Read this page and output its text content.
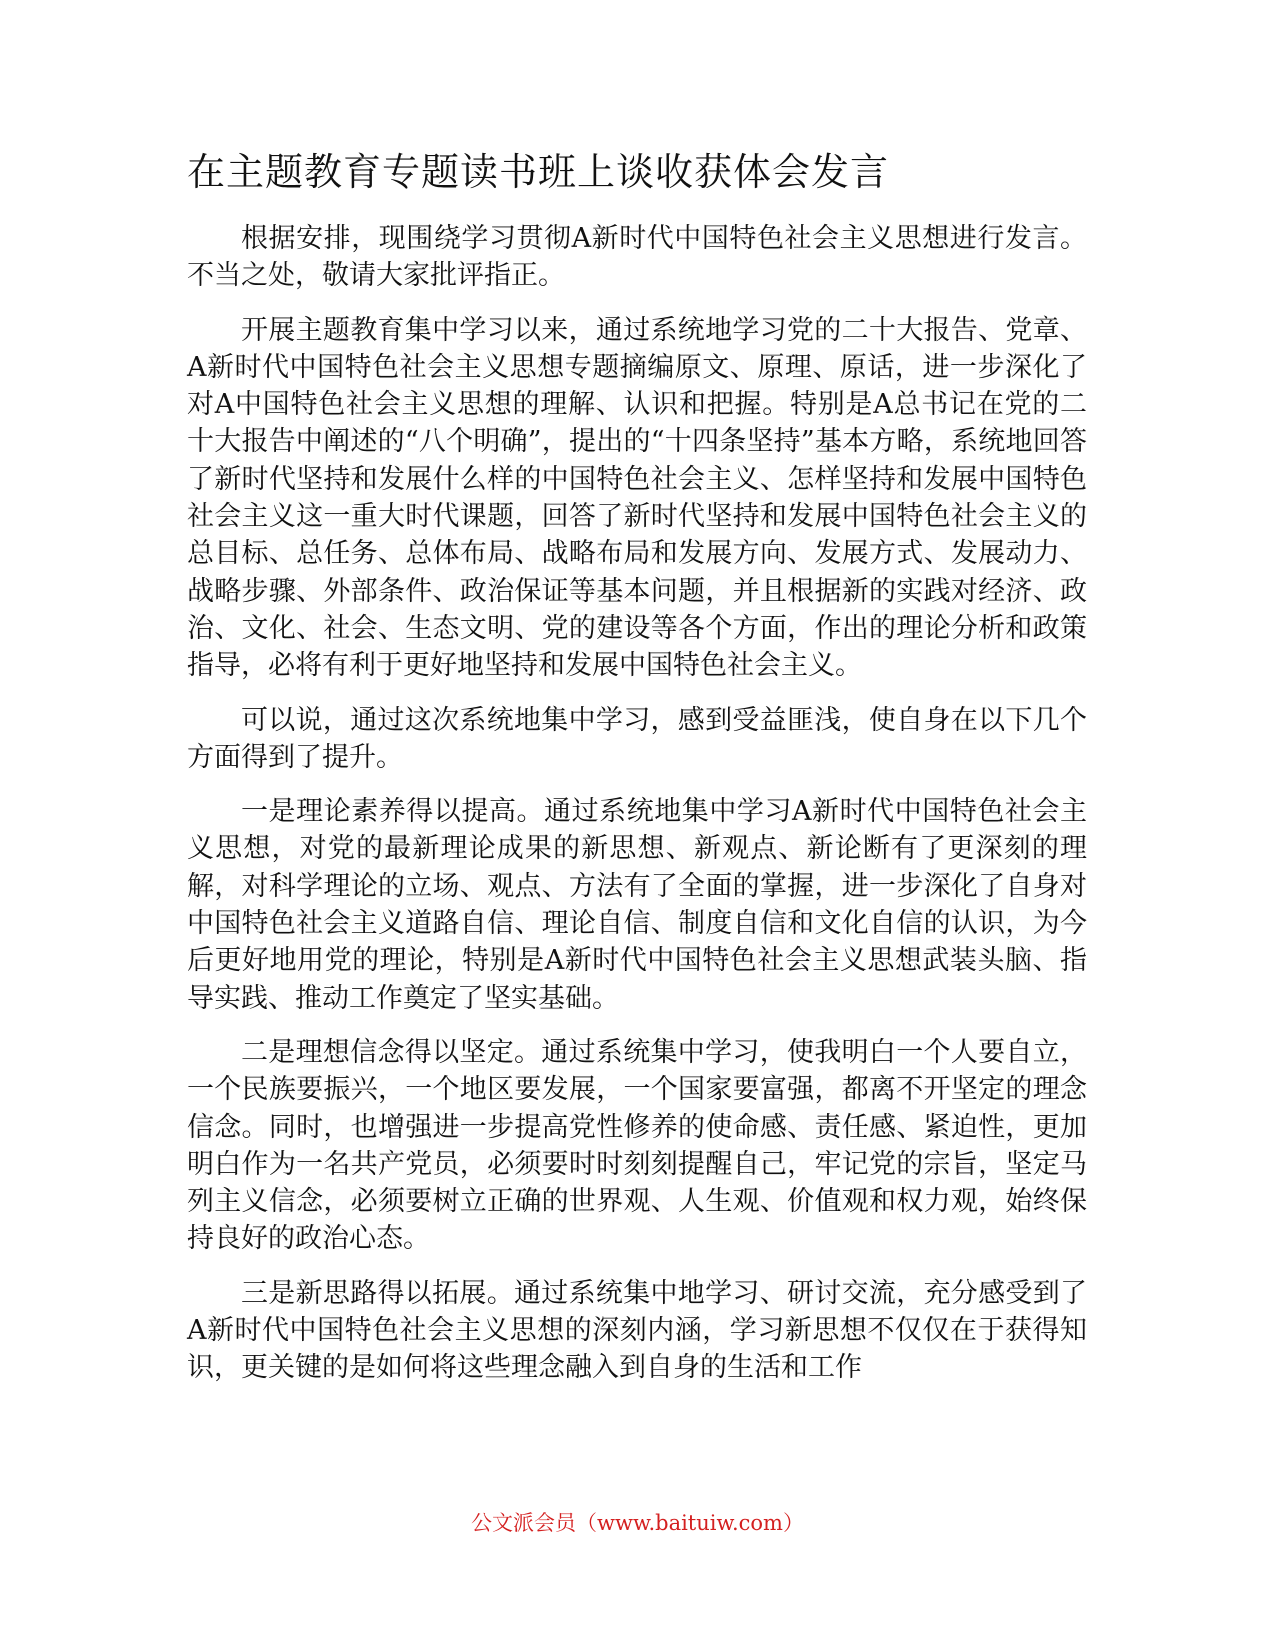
在主题教育专题读书班上谈收获体会发言

根据安排，现围绕学习贯彻A新时代中国特色社会主义思想进行发言。不当之处，敬请大家批评指正。

开展主题教育集中学习以来，通过系统地学习党的二十大报告、党章、A新时代中国特色社会主义思想专题摘编原文、原理、原话，进一步深化了对A中国特色社会主义思想的理解、认识和把握。特别是A总书记在党的二十大报告中阐述的“八个明确”，提出的“十四条坚持”基本方略，系统地回答了新时代坚持和发展什么样的中国特色社会主义、怎样坚持和发展中国特色社会主义这一重大时代课题，回答了新时代坚持和发展中国特色社会主义的总目标、总任务、总体布局、战略布局和发展方向、发展方式、发展动力、战略步骤、外部条件、政治保证等基本问题，并且根据新的实践对经济、政治、文化、社会、生态文明、党的建设等各个方面，作出的理论分析和政策指导，必将有利于更好地坚持和发展中国特色社会主义。

可以说，通过这次系统地集中学习，感到受益匪浅，使自身在以下几个方面得到了提升。

一是理论素养得以提高。通过系统地集中学习A新时代中国特色社会主义思想，对党的最新理论成果的新思想、新观点、新论断有了更深刻的理解，对科学理论的立场、观点、方法有了全面的掌握，进一步深化了自身对中国特色社会主义道路自信、理论自信、制度自信和文化自信的认识，为今后更好地用党的理论，特别是A新时代中国特色社会主义思想武装头脑、指导实践、推动工作奠定了坚实基础。

二是理想信念得以坚定。通过系统集中学习，使我明白一个人要自立，一个民族要振兴，一个地区要发展，一个国家要富强，都离不开坚定的理念信念。同时，也增强进一步提高党性修养的使命感、责任感、紧迫性，更加明白作为一名共产党员，必须要时时刻刻提醒自己，牢记党的宗旨，坚定马列主义信念，必须要树立正确的世界观、人生观、价值观和权力观，始终保持良好的政治心态。

三是新思路得以拓展。通过系统集中地学习、研讨交流，充分感受到了A新时代中国特色社会主义思想的深刻内涵，学习新思想不仅仅在于获得知识，更关键的是如何将这些理念融入到自身的生活和工作

公文派会员（www.baituiw.com）
